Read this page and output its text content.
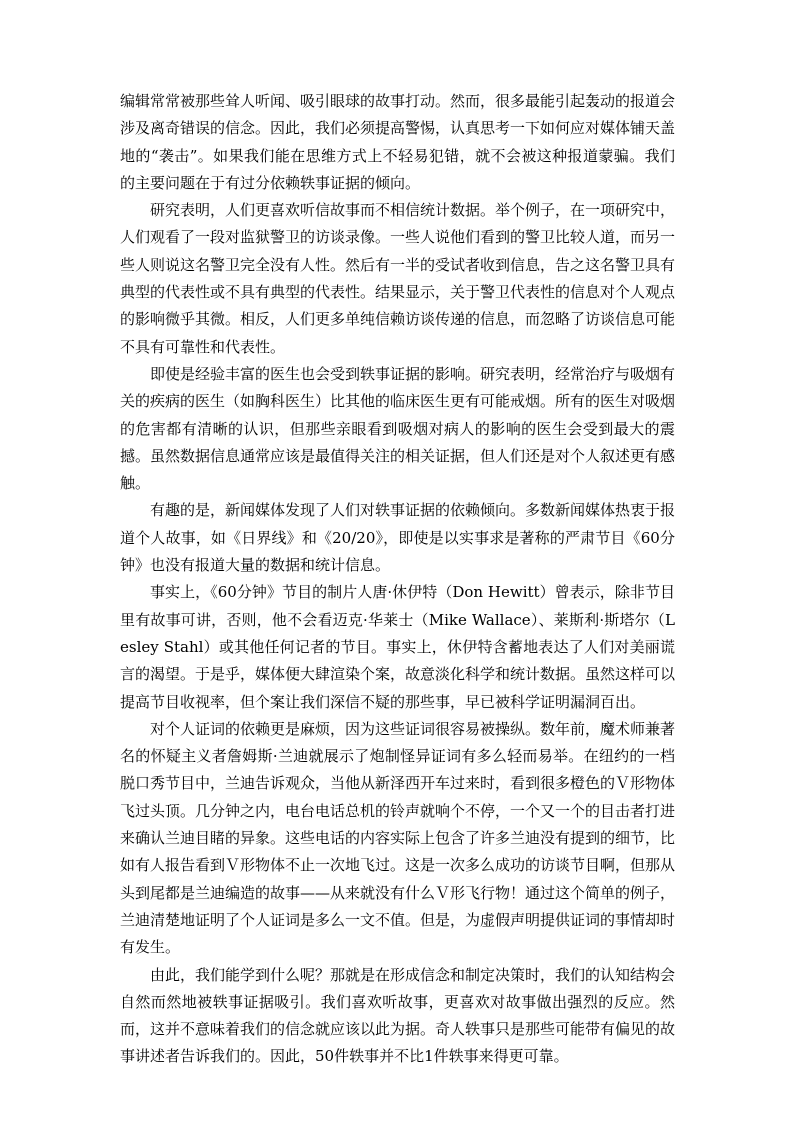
编辑常常被那些耸人听闻、吸引眼球的故事打动。然而，很多最能引起轰动的报道会涉及离奇错误的信念。因此，我们必须提高警惕，认真思考一下如何应对媒体铺天盖地的“袭击”。如果我们能在思维方式上不轻易犯错，就不会被这种报道蒙骗。我们的主要问题在于有过分依赖轶事证据的倾向。

研究表明，人们更喜欢听信故事而不相信统计数据。举个例子，在一项研究中，人们观看了一段对监狱警卫的访谈录像。一些人说他们看到的警卫比较人道，而另一些人则说这名警卫完全没有人性。然后有一半的受试者收到信息，告之这名警卫具有典型的代表性或不具有典型的代表性。结果显示，关于警卫代表性的信息对个人观点的影响微乎其微。相反，人们更多单纯信赖访谈传递的信息，而忽略了访谈信息可能不具有可靠性和代表性。

即使是经验丰富的医生也会受到轶事证据的影响。研究表明，经常治疗与吸烟有关的疾病的医生（如胸科医生）比其他的临床医生更有可能戒烟。所有的医生对吸烟的危害都有清晰的认识，但那些亲眼看到吸烟对病人的影响的医生会受到最大的震撼。虽然数据信息通常应该是最值得关注的相关证据，但人们还是对个人叙述更有感触。

有趣的是，新闻媒体发现了人们对轶事证据的依赖倾向。多数新闻媒体热衷于报道个人故事，如《日界线》和《20/20》，即使是以实事求是著称的严肃节目《60分钟》也没有报道大量的数据和统计信息。

事实上，《60分钟》节目的制片人唐·休伊特（Don Hewitt）曾表示，除非节目里有故事可讲，否则，他不会看迈克·华莱士（Mike Wallace）、莱斯利·斯塔尔（Lesley Stahl）或其他任何记者的节目。事实上，休伊特含蓄地表达了人们对美丽谎言的渴望。于是乎，媒体便大肆渲染个案，故意淡化科学和统计数据。虽然这样可以提高节目收视率，但个案让我们深信不疑的那些事，早已被科学证明漏洞百出。

对个人证词的依赖更是麻烦，因为这些证词很容易被操纵。数年前，魔术师兼著名的怀疑主义者詹姆斯·兰迪就展示了炮制怪异证词有多么轻而易举。在纽约的一档脱口秀节目中，兰迪告诉观众，当他从新泽西开车过来时，看到很多橙色的Ｖ形物体飞过头顶。几分钟之内，电台电话总机的铃声就响个不停，一个又一个的目击者打进来确认兰迪目睹的异象。这些电话的内容实际上包含了许多兰迪没有提到的细节，比如有人报告看到Ｖ形物体不止一次地飞过。这是一次多么成功的访谈节目啊，但那从头到尾都是兰迪编造的故事——从来就没有什么Ｖ形飞行物！通过这个简单的例子，兰迪清楚地证明了个人证词是多么一文不值。但是，为虚假声明提供证词的事情却时有发生。

由此，我们能学到什么呢？那就是在形成信念和制定决策时，我们的认知结构会自然而然地被轶事证据吸引。我们喜欢听故事，更喜欢对故事做出强烈的反应。然而，这并不意味着我们的信念就应该以此为据。奇人轶事只是那些可能带有偏见的故事讲述者告诉我们的。因此，50件轶事并不比1件轶事来得更可靠。
